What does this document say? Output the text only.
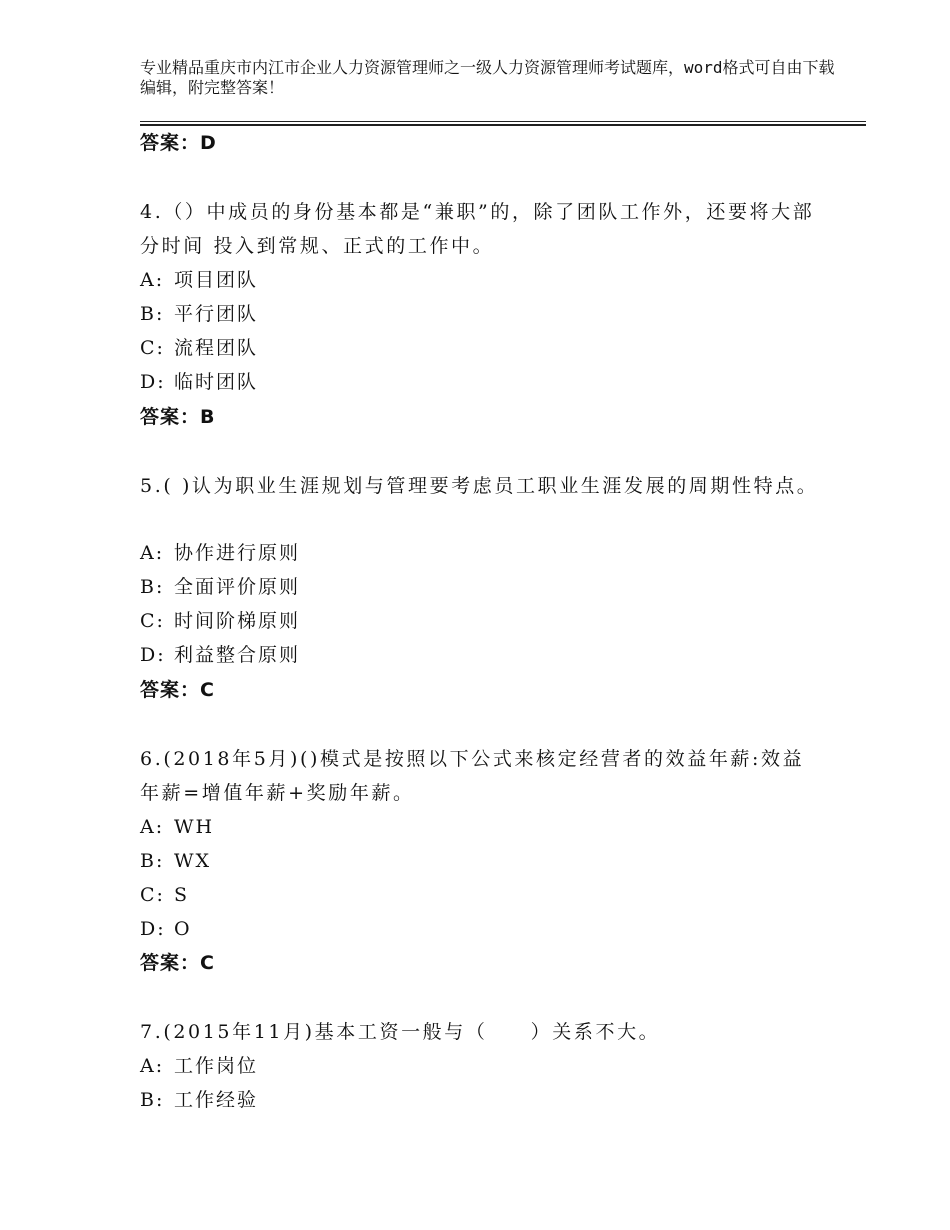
专业精品重庆市内江市企业人力资源管理师之一级人力资源管理师考试题库，word格式可自由下载编辑，附完整答案！
答案：D
4.（）中成员的身份基本都是“兼职”的，除了团队工作外，还要将大部分时间 投入到常规、正式的工作中。
A: 项目团队
B: 平行团队
C: 流程团队
D: 临时团队
答案：B
5.( )认为职业生涯规划与管理要考虑员工职业生涯发展的周期性特点。
A: 协作进行原则
B: 全面评价原则
C: 时间阶梯原则
D: 利益整合原则
答案：C
6.(2018年5月)()模式是按照以下公式来核定经营者的效益年薪:效益年薪=增值年薪+奖励年薪。
A: WH
B: WX
C: S
D: O
答案：C
7.(2015年11月)基本工资一般与（　　）关系不大。
A: 工作岗位
B: 工作经验
